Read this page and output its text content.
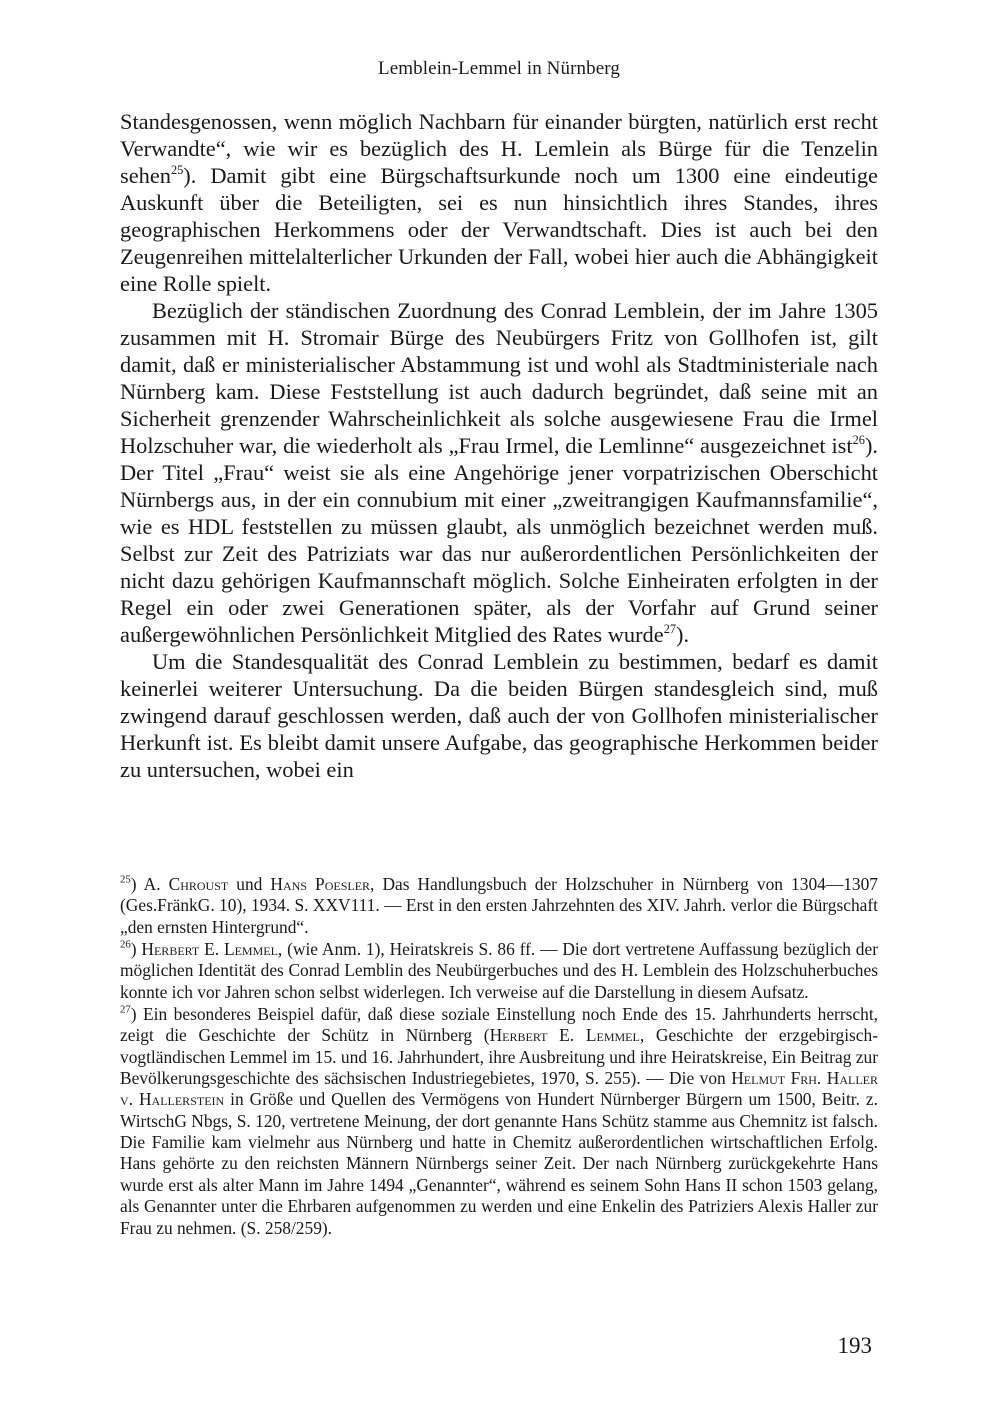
Lemblein-Lemmel in Nürnberg

Standesgenossen, wenn möglich Nachbarn für einander bürgten, natürlich erst recht Verwandte“, wie wir es bezüglich des H. Lemlein als Bürge für die Tenzelin sehen$^{25}$). Damit gibt eine Bürgschaftsurkunde noch um 1300 eine eindeutige Auskunft über die Beteiligten, sei es nun hinsichtlich ihres Standes, ihres geographischen Herkommens oder der Verwandtschaft. Dies ist auch bei den Zeugenreihen mittelalterlicher Urkunden der Fall, wobei hier auch die Abhängigkeit eine Rolle spielt.

Bezüglich der ständischen Zuordnung des Conrad Lemblein, der im Jahre 1305 zusammen mit H. Stromair Bürge des Neubürgers Fritz von Gollhofen ist, gilt damit, daß er ministerialischer Abstammung ist und wohl als Stadtministeriale nach Nürnberg kam. Diese Feststellung ist auch dadurch begründet, daß seine mit an Sicherheit grenzender Wahrscheinlichkeit als solche ausgewiesene Frau die Irmel Holzschuher war, die wiederholt als „Frau Irmel, die Lemlinne“ ausgezeichnet ist$^{26}$). Der Titel „Frau“ weist sie als eine Angehörige jener vorpatrizischen Oberschicht Nürnbergs aus, in der ein connubium mit einer „zweitrangigen Kaufmannsfamilie“, wie es HDL feststellen zu müssen glaubt, als unmöglich bezeichnet werden muß. Selbst zur Zeit des Patriziats war das nur außerordentlichen Persönlichkeiten der nicht dazu gehörigen Kaufmannschaft möglich. Solche Einheiraten erfolgten in der Regel ein oder zwei Generationen später, als der Vorfahr auf Grund seiner außergewöhnlichen Persönlichkeit Mitglied des Rates wurde$^{27}$).

Um die Standesqualität des Conrad Lemblein zu bestimmen, bedarf es damit keinerlei weiterer Untersuchung. Da die beiden Bürgen standesgleich sind, muß zwingend darauf geschlossen werden, daß auch der von Gollhofen ministerialischer Herkunft ist. Es bleibt damit unsere Aufgabe, das geographische Herkommen beider zu untersuchen, wobei ein

$^{25}$) A. Chroust und Hans Poesler, Das Handlungsbuch der Holzschuher in Nürnberg von 1304—1307 (Ges.FränkG. 10), 1934. S. XXV111. — Erst in den ersten Jahrzehnten des XIV. Jahrh. verlor die Bürgschaft „den ernsten Hintergrund“.

$^{26}$) Herbert E. Lemmel, (wie Anm. 1), Heiratskreis S. 86 ff. — Die dort vertretene Auffassung bezüglich der möglichen Identität des Conrad Lemblin des Neubürgerbuches und des H. Lemblein des Holzschuherbuches konnte ich vor Jahren schon selbst widerlegen. Ich verweise auf die Darstellung in diesem Aufsatz.

$^{27}$) Ein besonderes Beispiel dafür, daß diese soziale Einstellung noch Ende des 15. Jahrhunderts herrscht, zeigt die Geschichte der Schütz in Nürnberg (Herbert E. Lemmel, Geschichte der erzgebirgisch-vogtländischen Lemmel im 15. und 16. Jahrhundert, ihre Ausbreitung und ihre Heiratskreise, Ein Beitrag zur Bevölkerungsgeschichte des sächsischen Industriegebietes, 1970, S. 255). — Die von Helmut Frh. Haller v. Hallerstein in Größe und Quellen des Vermögens von Hundert Nürnberger Bürgern um 1500, Beitr. z. WirtschG Nbgs, S. 120, vertretene Meinung, der dort genannte Hans Schütz stamme aus Chemnitz ist falsch. Die Familie kam vielmehr aus Nürnberg und hatte in Chemitz außerordentlichen wirtschaftlichen Erfolg. Hans gehörte zu den reichsten Männern Nürnbergs seiner Zeit. Der nach Nürnberg zurückgekehrte Hans wurde erst als alter Mann im Jahre 1494 „Genannter“, während es seinem Sohn Hans II schon 1503 gelang, als Genannter unter die Ehrbaren aufgenommen zu werden und eine Enkelin des Patriziers Alexis Haller zur Frau zu nehmen. (S. 258/259).

193
